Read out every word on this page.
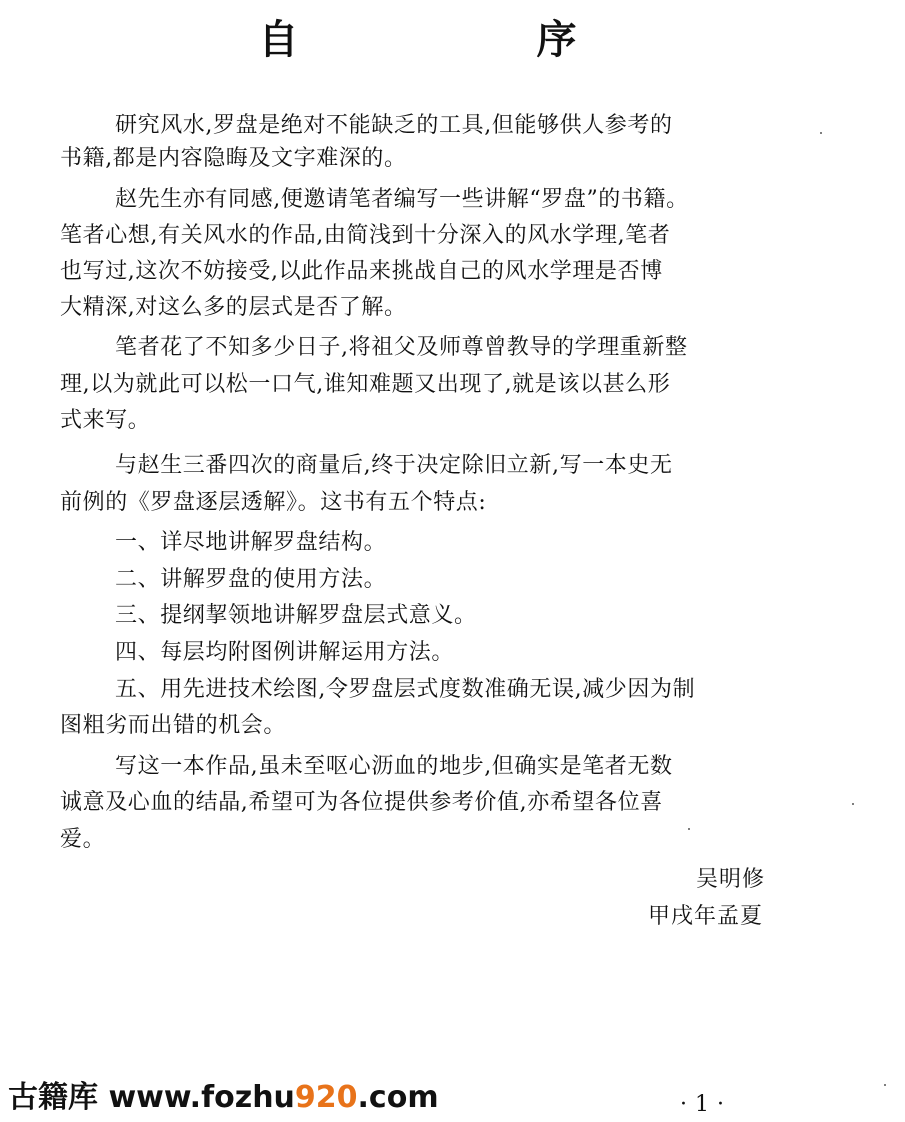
自 序
研究风水,罗盘是绝对不能缺乏的工具,但能够供人参考的
书籍,都是内容隐晦及文字难深的。
赵先生亦有同感,便邀请笔者编写一些讲解“罗盘”的书籍。
笔者心想,有关风水的作品,由简浅到十分深入的风水学理,笔者
也写过,这次不妨接受,以此作品来挑战自己的风水学理是否博
大精深,对这么多的层式是否了解。
笔者花了不知多少日子,将祖父及师尊曾教导的学理重新整
理,以为就此可以松一口气,谁知难题又出现了,就是该以甚么形
式来写。
与赵生三番四次的商量后,终于决定除旧立新,写一本史无
前例的《罗盘逐层透解》。这书有五个特点:
一、详尽地讲解罗盘结构。
二、讲解罗盘的使用方法。
三、提纲挈领地讲解罗盘层式意义。
四、每层均附图例讲解运用方法。
五、用先进技术绘图,令罗盘层式度数准确无误,减少因为制
图粗劣而出错的机会。
写这一本作品,虽未至呕心沥血的地步,但确实是笔者无数
诚意及心血的结晶,希望可为各位提供参考价值,亦希望各位喜
爱。
吴明修
甲戌年孟夏
古籍库 www.fozhu920.com	·1·
